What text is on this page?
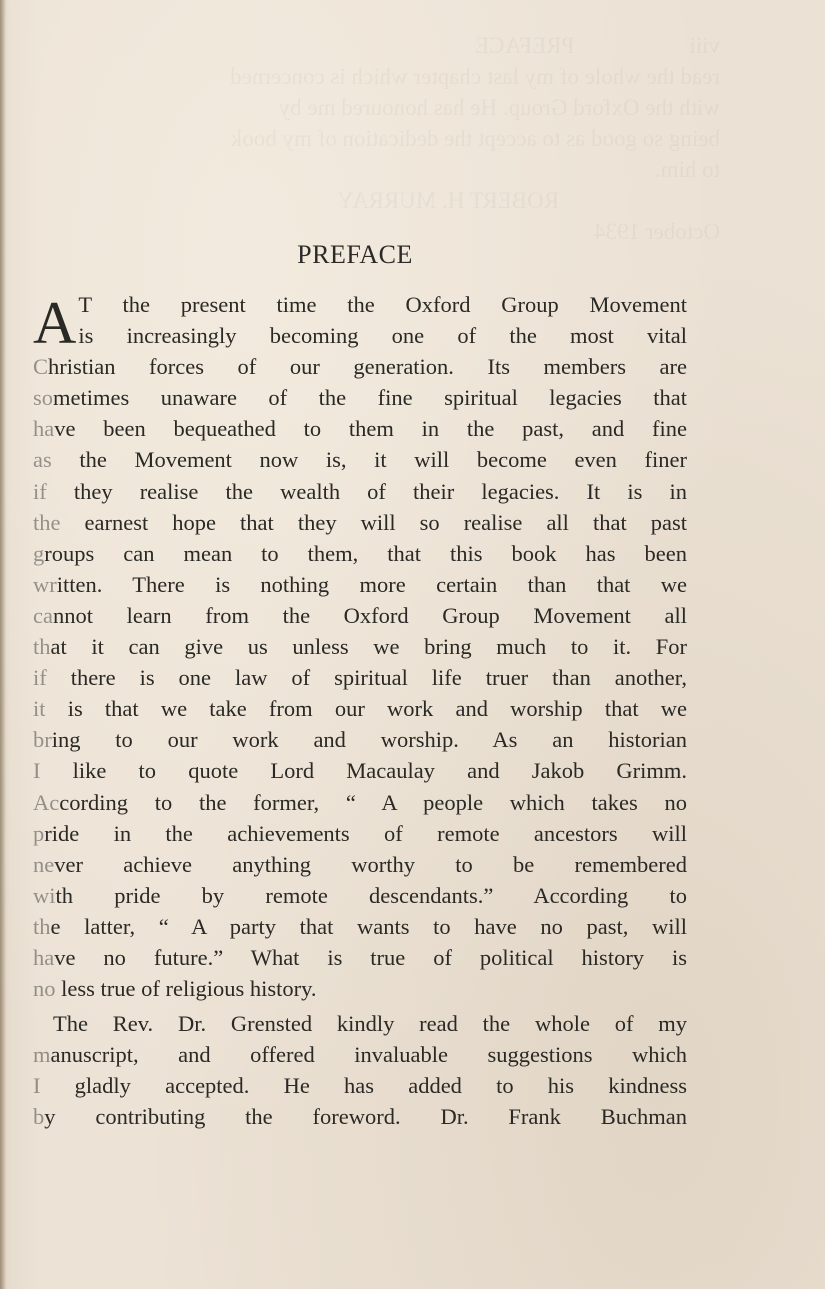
viii                    PREFACE

read the whole of my last chapter which is concerned

with the Oxford Group. He has honoured me by

being so good as to accept the dedication of my book

to him.

ROBERT H. MURRAY

October 1934

PREFACE
A T the present time the Oxford Group Movement
is increasingly becoming one of the most vital
Christian forces of our generation. Its members are
sometimes unaware of the fine spiritual legacies that
have been bequeathed to them in the past, and fine
as the Movement now is, it will become even finer
if they realise the wealth of their legacies. It is in
the earnest hope that they will so realise all that past
groups can mean to them, that this book has been
written. There is nothing more certain than that we
cannot learn from the Oxford Group Movement all
that it can give us unless we bring much to it. For
if there is one law of spiritual life truer than another,
it is that we take from our work and worship that we
bring to our work and worship. As an historian
I like to quote Lord Macaulay and Jakob Grimm.
According to the former, “ A people which takes no
pride in the achievements of remote ancestors will
never achieve anything worthy to be remembered
with pride by remote descendants.” According to
the latter, “ A party that wants to have no past, will
have no future.” What is true of political history is
no less true of religious history.
The Rev. Dr. Grensted kindly read the whole of my
manuscript, and offered invaluable suggestions which
I gladly accepted. He has added to his kindness
by contributing the foreword. Dr. Frank Buchman
